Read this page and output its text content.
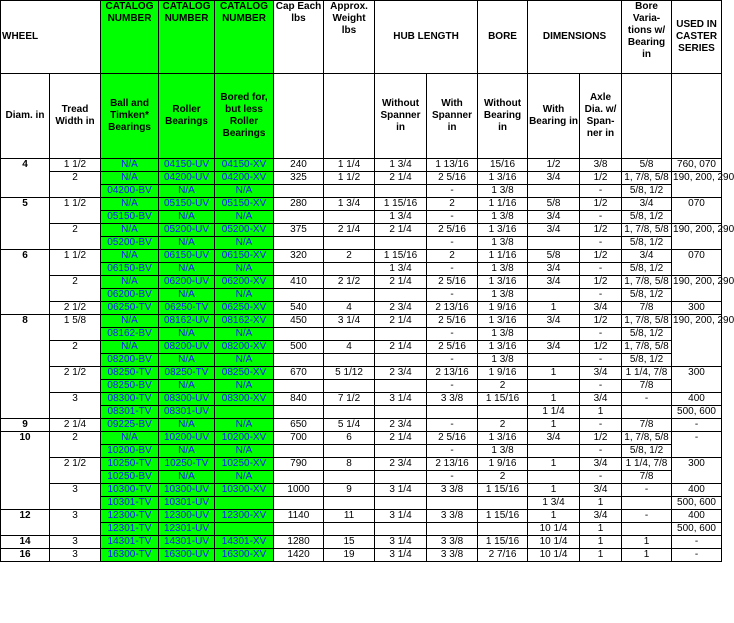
WHEEL		CATALOG NUMBER	CATALOG NUMBER	CATALOG NUMBER	Cap Each lbs	Approx. Weight lbs	HUB LENGTH		BORE	DIMENSIONS		Bore Varia-tions w/ Bearing in	USED IN CASTER SERIES
Diam. in	Tread Width in	Ball and Timken* Bearings	Roller Bearings	Bored for, but less Roller Bearings			Without Spanner in	With Spanner in	Without Bearing in	With Bearing in	Axle Dia. w/ Span-ner in		
4	1 1/2	N/A	04150-UV	04150-XV	240	1 1/4	1 3/4	1 13/16	15/16	1/2	3/8	5/8	760, 070
	2	N/A	04200-UV	04200-XV	325	1 1/2	2 1/4	2 5/16	1 3/16	3/4	1/2	1, 7/8, 5/8	190, 200, 290
		04200-BV	N/A	N/A				-	1 3/8		-	5/8, 1/2	
5	1 1/2	N/A	05150-UV	05150-XV	280	1 3/4	1 15/16	2	1 1/16	5/8	1/2	3/4	070
		05150-BV	N/A	N/A			1 3/4	-	1 3/8	3/4	-	5/8, 1/2	
	2	N/A	05200-UV	05200-XV	375	2 1/4	2 1/4	2 5/16	1 3/16	3/4	1/2	1, 7/8, 5/8	190, 200, 290
		05200-BV	N/A	N/A				-	1 3/8		-	5/8, 1/2	
6	1 1/2	N/A	06150-UV	06150-XV	320	2	1 15/16	2	1 1/16	5/8	1/2	3/4	070
		06150-BV	N/A	N/A			1 3/4	-	1 3/8	3/4	-	5/8, 1/2	
	2	N/A	06200-UV	06200-XV	410	2 1/2	2 1/4	2 5/16	1 3/16	3/4	1/2	1, 7/8, 5/8	190, 200, 290
		06200-BV	N/A	N/A				-	1 3/8		-	5/8, 1/2	
	2 1/2	06250-TV	06250-TV	06250-XV	540	4	2 3/4	2 13/16	1 9/16	1	3/4	7/8	300
8	1 5/8	N/A	08162-UV	08162-XV	450	3 1/4	2 1/4	2 5/16	1 3/16	3/4	1/2	1, 7/8, 5/8	190, 200, 290
		08162-BV	N/A	N/A				-	1 3/8		-	5/8, 1/2	
	2	N/A	08200-UV	08200-XV	500	4	2 1/4	2 5/16	1 3/16	3/4	1/2	1, 7/8, 5/8	
		08200-BV	N/A	N/A				-	1 3/8		-	5/8, 1/2	
	2 1/2	08250-TV	08250-TV	08250-XV	670	5 1/12	2 3/4	2 13/16	1 9/16	1	3/4	1 1/4, 7/8	300
		08250-BV	N/A	N/A				-	2		-	7/8	
	3	08300-TV	08300-UV	08300-XV	840	7 1/2	3 1/4	3 3/8	1 15/16	1	3/4	-	400
		08301-TV	08301-UV							1 1/4	1		500, 600
9	2 1/4	09225-BV	N/A	N/A	650	5 1/4	2 3/4	-	2	1	-	7/8	-
10	2	N/A	10200-UV	10200-XV	700	6	2 1/4	2 5/16	1 3/16	3/4	1/2	1, 7/8, 5/8	-
		10200-BV	N/A	N/A				-	1 3/8		-	5/8, 1/2	
	2 1/2	10250-TV	10250-TV	10250-XV	790	8	2 3/4	2 13/16	1 9/16	1	3/4	1 1/4, 7/8	300
		10250-BV	N/A	N/A				-	2		-	7/8	
	3	10300-TV	10300-UV	10300-XV	1000	9	3 1/4	3 3/8	1 15/16	1	3/4	-	400
		10301-TV	10301-UV							1 3/4	1		500, 600
12	3	12300-TV	12300-UV	12300-XV	1140	11	3 1/4	3 3/8	1 15/16	1	3/4	-	400
		12301-TV	12301-UV							10 1/4	1		500, 600
14	3	14301-TV	14301-UV	14301-XV	1280	15	3 1/4	3 3/8	1 15/16	10 1/4	1	1	-
16	3	16300-TV	16300-UV	16300-XV	1420	19	3 1/4	3 3/8	2 7/16	10 1/4	1	1	-
